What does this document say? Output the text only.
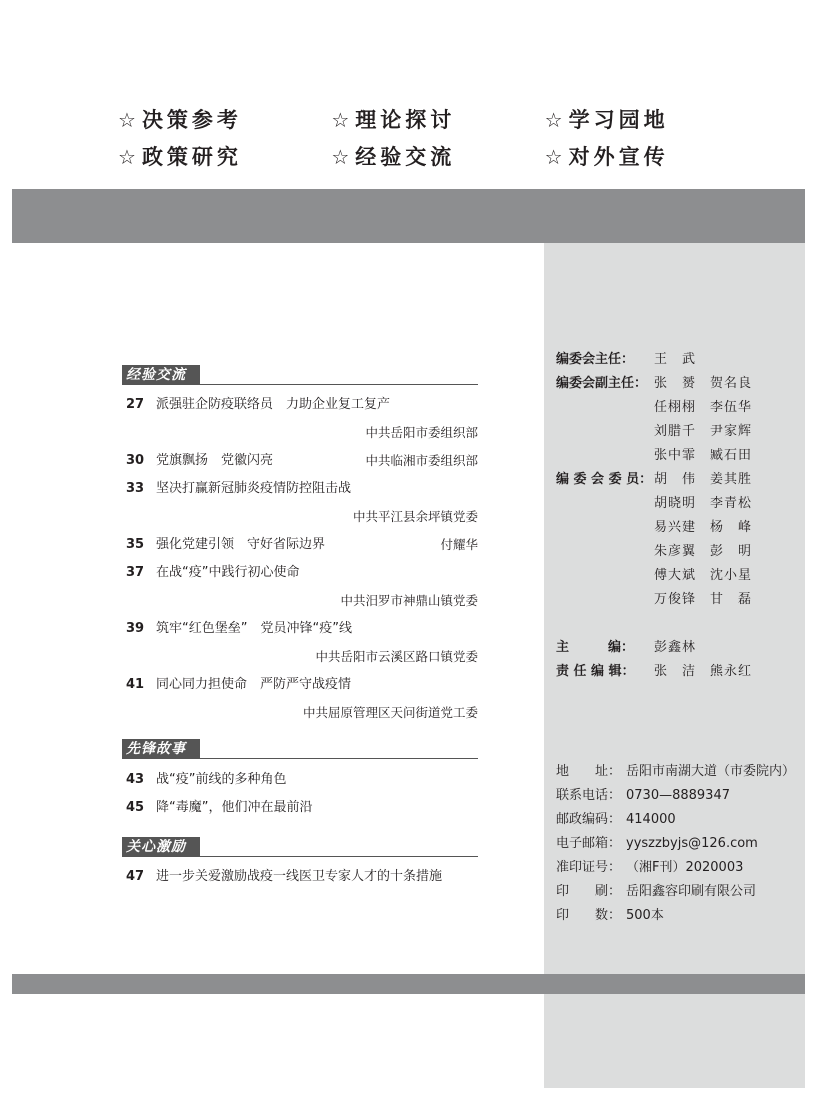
☆ 决策参考	☆ 理论探讨	☆ 学习园地
☆ 政策研究	☆ 经验交流	☆ 对外宣传
经验交流
27 派强驻企防疫联络员　力助企业复工复产
中共岳阳市委组织部
30 党旗飘扬　党徽闪亮	中共临湘市委组织部
33 坚决打赢新冠肺炎疫情防控阻击战
中共平江县余坪镇党委
35 强化党建引领　守好省际边界	付耀华
37 在战“疫”中践行初心使命
中共汨罗市神鼎山镇党委
39 筑牢“红色堡垒”　党员冲锋“疫”线
中共岳阳市云溪区路口镇党委
41 同心同力担使命　严防严守战疫情
中共屈原管理区天问街道党工委
先锋故事
43 战“疫”前线的多种角色
45 降“毒魔”，他们冲在最前沿
关心激励
47 进一步关爱激励战疫一线医卫专家人才的十条措施
编委会主任：	王　武
编委会副主任： 张　赟　贺名良
任栩栩　李伍华
刘腊千　尹家辉
张中霏　臧石田
编 委 会 委 员： 胡　伟　姜其胜
胡晓明　李青松
易兴建　杨　峰
朱彦翼　彭　明
傅大斌　沈小星
万俊锋　甘　磊
主　　　编：	彭鑫林
责 任 编 辑：	张　洁　熊永红
地　　址： 岳阳市南湖大道（市委院内）
联系电话： 0730—8889347
邮政编码： 414000
电子邮箱： yyszzbyjs@126.com
准印证号： （湘F刊）2020003
印　　刷： 岳阳鑫容印刷有限公司
印　　数： 500本
